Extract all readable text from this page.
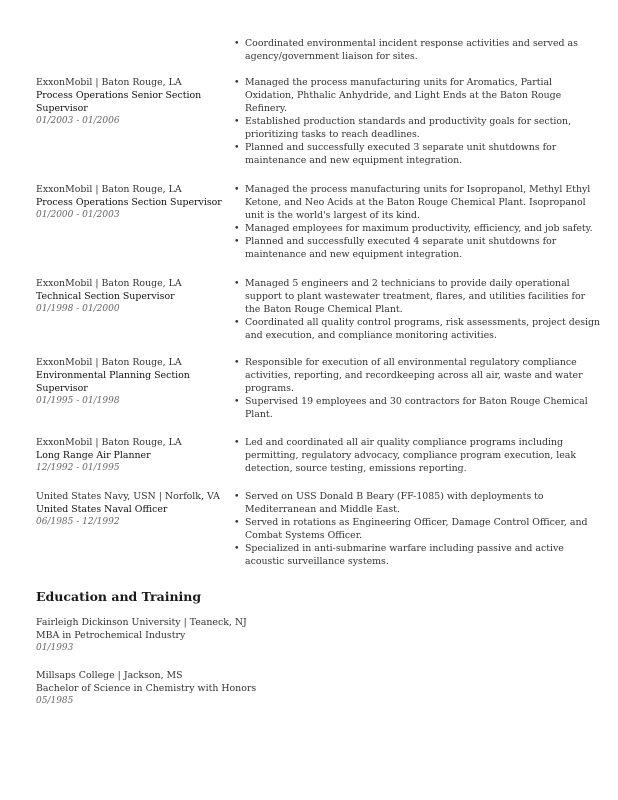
• Coordinated environmental incident response activities and served as agency/government liaison for sites.
ExxonMobil | Baton Rouge, LA
Process Operations Senior Section Supervisor
01/2003 - 01/2006
• Managed the process manufacturing units for Aromatics, Partial Oxidation, Phthalic Anhydride, and Light Ends at the Baton Rouge Refinery.
• Established production standards and productivity goals for section, prioritizing tasks to reach deadlines.
• Planned and successfully executed 3 separate unit shutdowns for maintenance and new equipment integration.
ExxonMobil | Baton Rouge, LA
Process Operations Section Supervisor
01/2000 - 01/2003
• Managed the process manufacturing units for Isopropanol, Methyl Ethyl Ketone, and Neo Acids at the Baton Rouge Chemical Plant. Isopropanol unit is the world's largest of its kind.
• Managed employees for maximum productivity, efficiency, and job safety.
• Planned and successfully executed 4 separate unit shutdowns for maintenance and new equipment integration.
ExxonMobil | Baton Rouge, LA
Technical Section Supervisor
01/1998 - 01/2000
• Managed 5 engineers and 2 technicians to provide daily operational support to plant wastewater treatment, flares, and utilities facilities for the Baton Rouge Chemical Plant.
• Coordinated all quality control programs, risk assessments, project design and execution, and compliance monitoring activities.
ExxonMobil | Baton Rouge, LA
Environmental Planning Section Supervisor
01/1995 - 01/1998
• Responsible for execution of all environmental regulatory compliance activities, reporting, and recordkeeping across all air, waste and water programs.
• Supervised 19 employees and 30 contractors for Baton Rouge Chemical Plant.
ExxonMobil | Baton Rouge, LA
Long Range Air Planner
12/1992 - 01/1995
• Led and coordinated all air quality compliance programs including permitting, regulatory advocacy, compliance program execution, leak detection, source testing, emissions reporting.
United States Navy, USN | Norfolk, VA
United States Naval Officer
06/1985 - 12/1992
• Served on USS Donald B Beary (FF-1085) with deployments to Mediterranean and Middle East.
• Served in rotations as Engineering Officer, Damage Control Officer, and Combat Systems Officer.
• Specialized in anti-submarine warfare including passive and active acoustic surveillance systems.
Education and Training
Fairleigh Dickinson University | Teaneck, NJ
MBA in Petrochemical Industry
01/1993
Millsaps College | Jackson, MS
Bachelor of Science in Chemistry with Honors
05/1985
